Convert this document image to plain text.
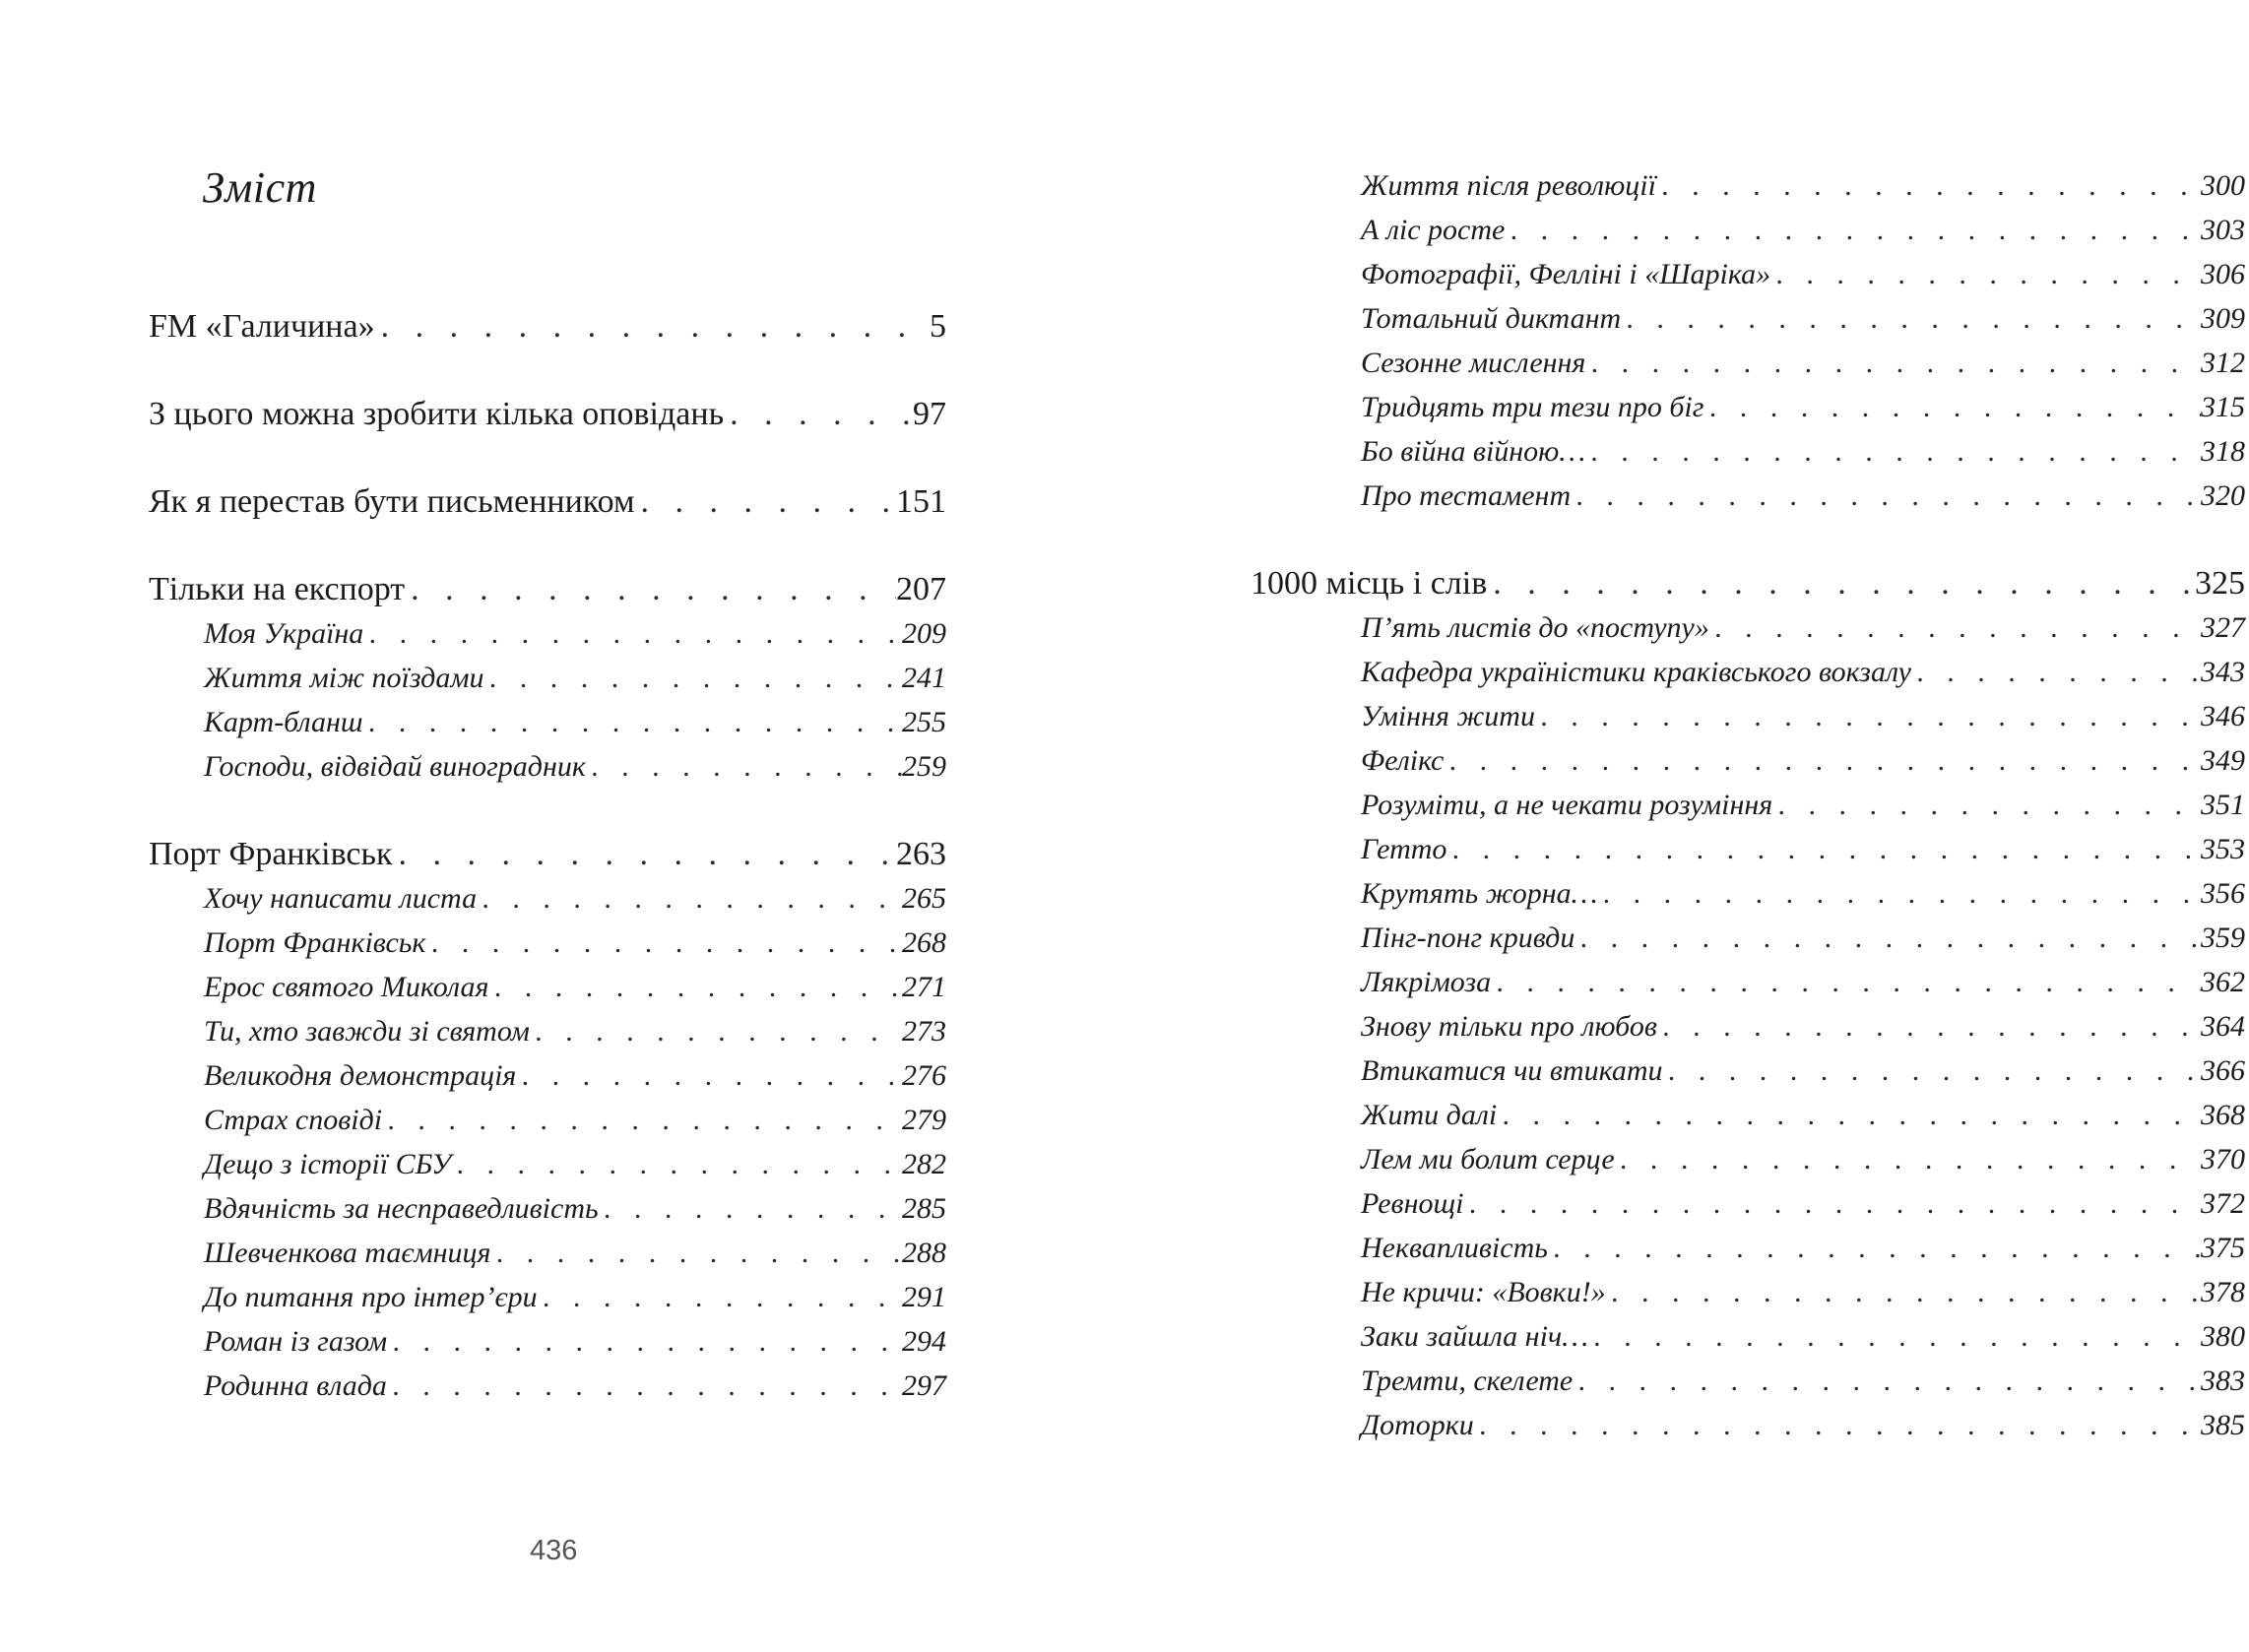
Зміст
FM «Галичина» . . .	5
З цього можна зробити кілька оповідань . . .	97
Як я перестав бути письменником . . .	151
Тільки на експорт . . .	207
Моя Україна . . .	209
Життя між поїздами . . .	241
Карт-бланш . . .	255
Господи, відвідай виноградник . . .	259
Порт Франківськ . . .	263
Хочу написати листа . . .	265
Порт Франківськ . . .	268
Ерос святого Миколая . . .	271
Ти, хто завжди зі святом . . .	273
Великодня демонстрація . . .	276
Страх сповіді . . .	279
Дещо з історії СБУ . . .	282
Вдячність за несправедливість . . .	285
Шевченкова таємниця . . .	288
До питання про інтер’єри . . .	291
Роман із газом . . .	294
Родинна влада . . .	297
436
Життя після революції . . .	300
А ліс росте . . .	303
Фотографії, Фелліні і «Шаріка» . . .	306
Тотальний диктант . . .	309
Сезонне мислення . . .	312
Тридцять три тези про біг . . .	315
Бо війна війною… . . .	318
Про тестамент . . .	320
1000 місць і слів . . .	325
П’ять листів до «поступу» . . .	327
Кафедра україністики краківського вокзалу . . .	343
Уміння жити . . .	346
Фелікс . . .	349
Розуміти, а не чекати розуміння . . .	351
Гетто . . .	353
Крутять жорна… . . .	356
Пінг-понг кривди . . .	359
Лякрімоза . . .	362
Знову тільки про любов . . .	364
Втикатися чи втикати . . .	366
Жити далі . . .	368
Лем ми болит серце . . .	370
Ревнощі . . .	372
Неквапливість . . .	375
Не кричи: «Вовки!» . . .	378
Заки зайшла ніч… . . .	380
Тремти, скелете . . .	383
Доторки . . .	385
